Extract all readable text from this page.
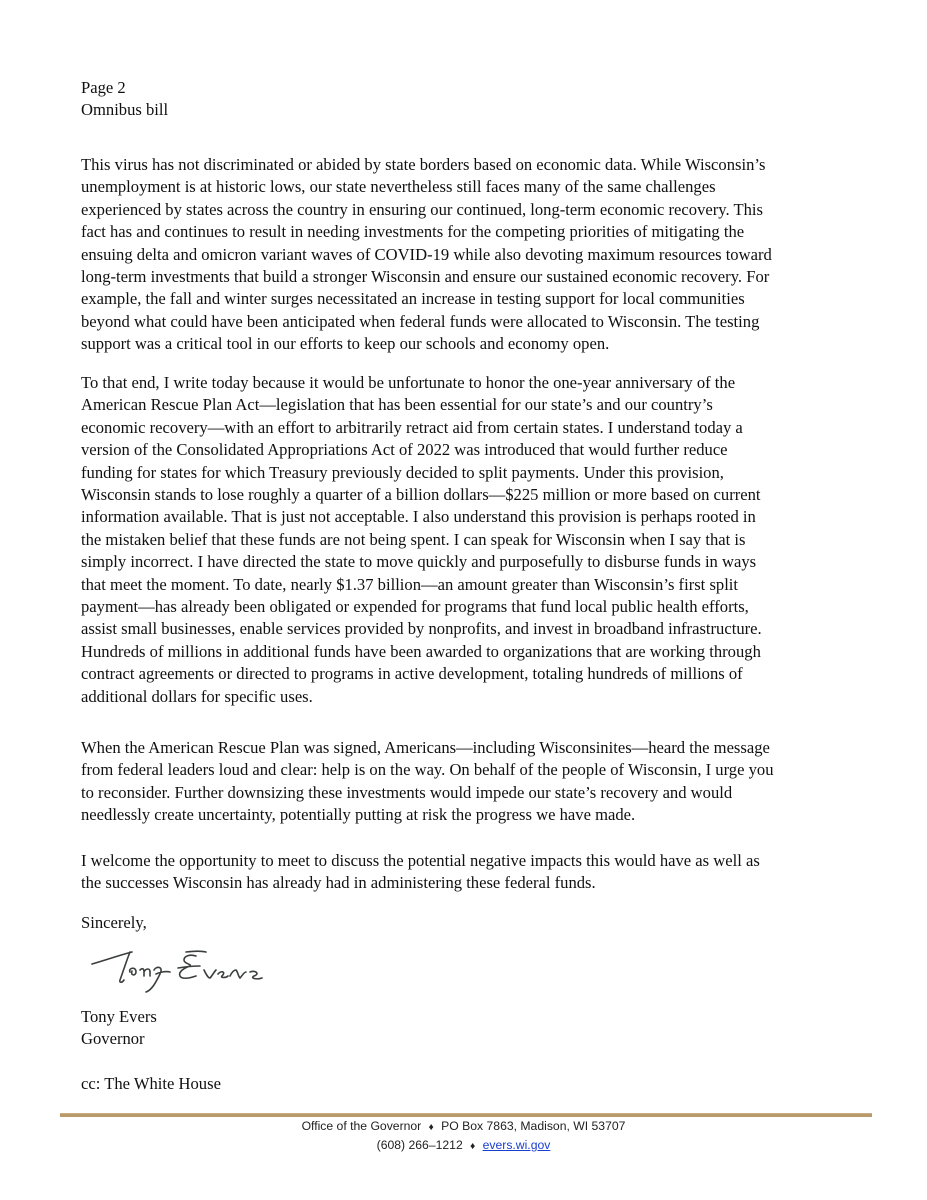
Page 2
Omnibus bill

This virus has not discriminated or abided by state borders based on economic data. While Wisconsin’s
unemployment is at historic lows, our state nevertheless still faces many of the same challenges
experienced by states across the country in ensuring our continued, long-term economic recovery. This
fact has and continues to result in needing investments for the competing priorities of mitigating the
ensuing delta and omicron variant waves of COVID-19 while also devoting maximum resources toward
long-term investments that build a stronger Wisconsin and ensure our sustained economic recovery. For
example, the fall and winter surges necessitated an increase in testing support for local communities
beyond what could have been anticipated when federal funds were allocated to Wisconsin. The testing
support was a critical tool in our efforts to keep our schools and economy open.

To that end, I write today because it would be unfortunate to honor the one-year anniversary of the
American Rescue Plan Act—legislation that has been essential for our state’s and our country’s
economic recovery—with an effort to arbitrarily retract aid from certain states. I understand today a
version of the Consolidated Appropriations Act of 2022 was introduced that would further reduce
funding for states for which Treasury previously decided to split payments. Under this provision,
Wisconsin stands to lose roughly a quarter of a billion dollars—$225 million or more based on current
information available. That is just not acceptable. I also understand this provision is perhaps rooted in
the mistaken belief that these funds are not being spent. I can speak for Wisconsin when I say that is
simply incorrect. I have directed the state to move quickly and purposefully to disburse funds in ways
that meet the moment. To date, nearly $1.37 billion—an amount greater than Wisconsin’s first split
payment—has already been obligated or expended for programs that fund local public health efforts,
assist small businesses, enable services provided by nonprofits, and invest in broadband infrastructure.
Hundreds of millions in additional funds have been awarded to organizations that are working through
contract agreements or directed to programs in active development, totaling hundreds of millions of
additional dollars for specific uses.

When the American Rescue Plan was signed, Americans—including Wisconsinites—heard the message
from federal leaders loud and clear: help is on the way. On behalf of the people of Wisconsin, I urge you
to reconsider. Further downsizing these investments would impede our state’s recovery and would
needlessly create uncertainty, potentially putting at risk the progress we have made.

I welcome the opportunity to meet to discuss the potential negative impacts this would have as well as
the successes Wisconsin has already had in administering these federal funds.

Sincerely,
Tony Evers
Governor
cc: The White House
Office of the Governor ♦ PO Box 7863, Madison, WI 53707
(608) 266–1212 ♦ evers.wi.gov
